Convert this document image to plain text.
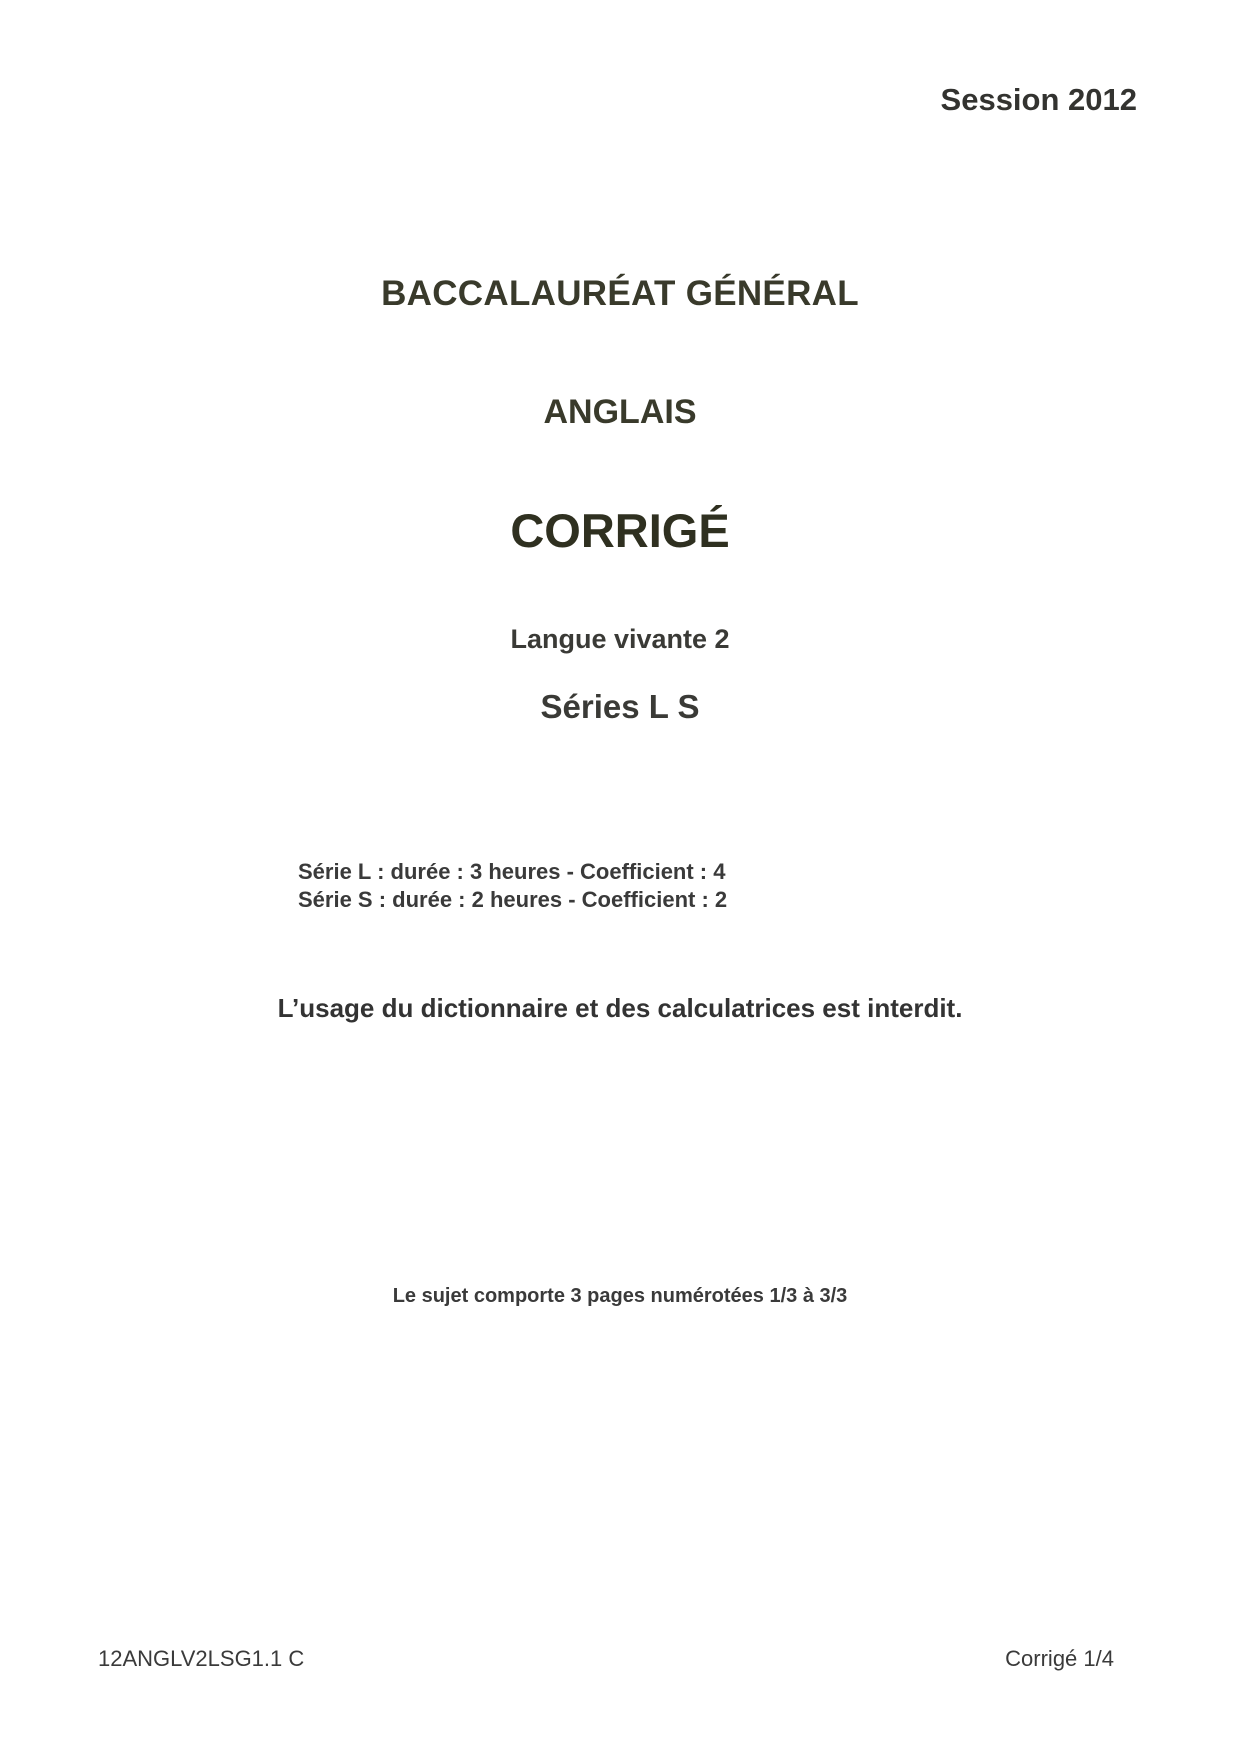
Session 2012
BACCALAURÉAT GÉNÉRAL
ANGLAIS
CORRIGÉ
Langue vivante 2
Séries L S
Série L : durée : 3 heures - Coefficient : 4
Série S : durée : 2 heures - Coefficient : 2
L’usage du dictionnaire et des calculatrices est interdit.
Le sujet comporte 3 pages numérotées 1/3 à 3/3
12ANGLV2LSG1.1 C	Corrigé 1/4
